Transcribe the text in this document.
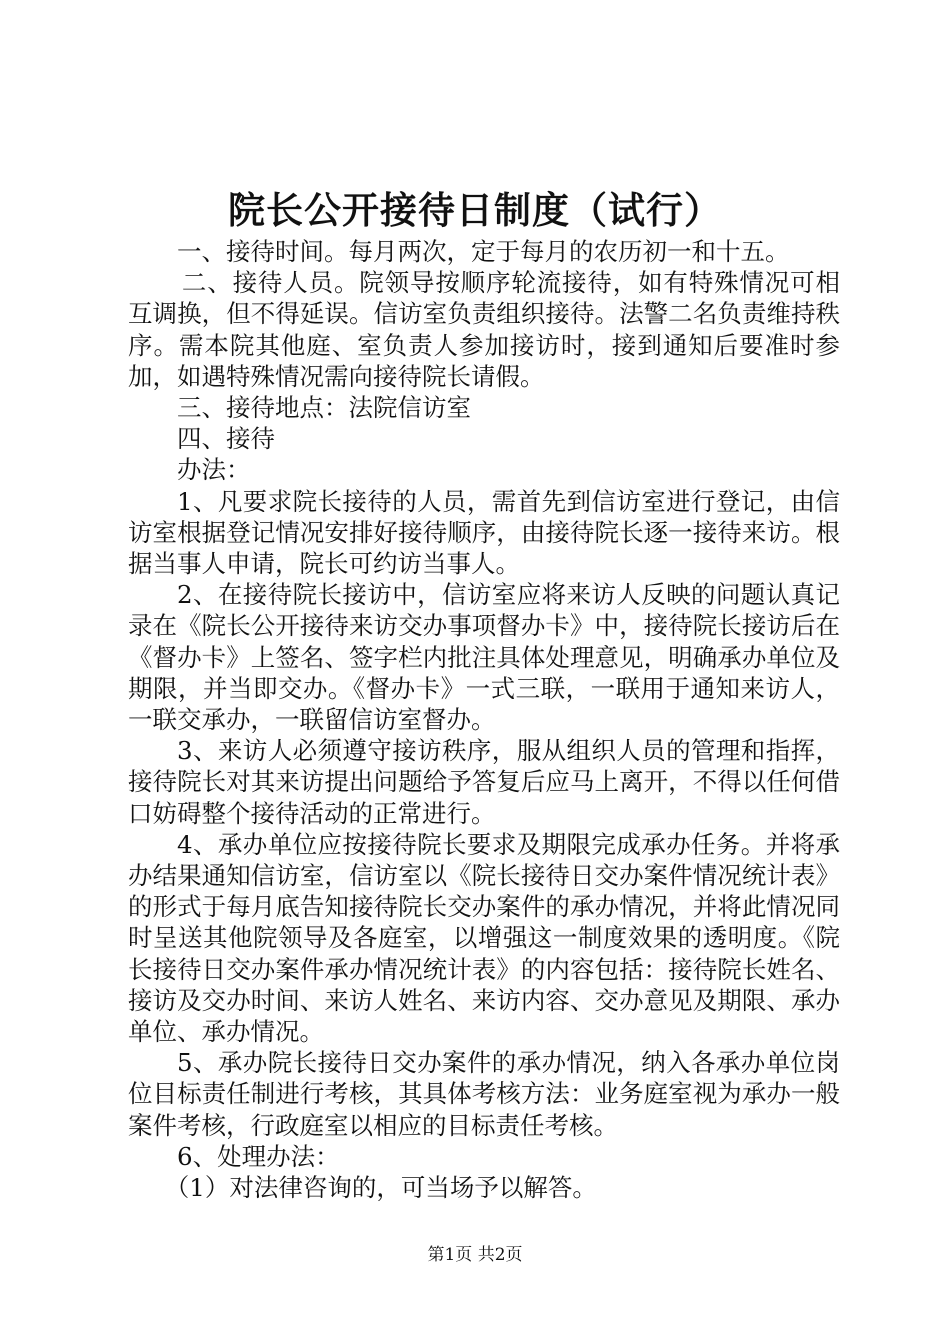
院长公开接待日制度（试行）

一、接待时间。每月两次，定于每月的农历初一和十五。

二、接待人员。院领导按顺序轮流接待，如有特殊情况可相互调换，但不得延误。信访室负责组织接待。法警二名负责维持秩序。需本院其他庭、室负责人参加接访时，接到通知后要准时参加，如遇特殊情况需向接待院长请假。

三、接待地点：法院信访室

四、接待

办法：

1、凡要求院长接待的人员，需首先到信访室进行登记，由信访室根据登记情况安排好接待顺序，由接待院长逐一接待来访。根据当事人申请，院长可约访当事人。

2、在接待院长接访中，信访室应将来访人反映的问题认真记录在《院长公开接待来访交办事项督办卡》中，接待院长接访后在《督办卡》上签名、签字栏内批注具体处理意见，明确承办单位及期限，并当即交办。《督办卡》一式三联，一联用于通知来访人，一联交承办，一联留信访室督办。

3、来访人必须遵守接访秩序，服从组织人员的管理和指挥，接待院长对其来访提出问题给予答复后应马上离开，不得以任何借口妨碍整个接待活动的正常进行。

4、承办单位应按接待院长要求及期限完成承办任务。并将承办结果通知信访室，信访室以《院长接待日交办案件情况统计表》的形式于每月底告知接待院长交办案件的承办情况，并将此情况同时呈送其他院领导及各庭室，以增强这一制度效果的透明度。《院长接待日交办案件承办情况统计表》的内容包括：接待院长姓名、接访及交办时间、来访人姓名、来访内容、交办意见及期限、承办单位、承办情况。

5、承办院长接待日交办案件的承办情况，纳入各承办单位岗位目标责任制进行考核，其具体考核方法：业务庭室视为承办一般案件考核，行政庭室以相应的目标责任考核。

6、处理办法：

（1）对法律咨询的，可当场予以解答。

第1页 共2页
